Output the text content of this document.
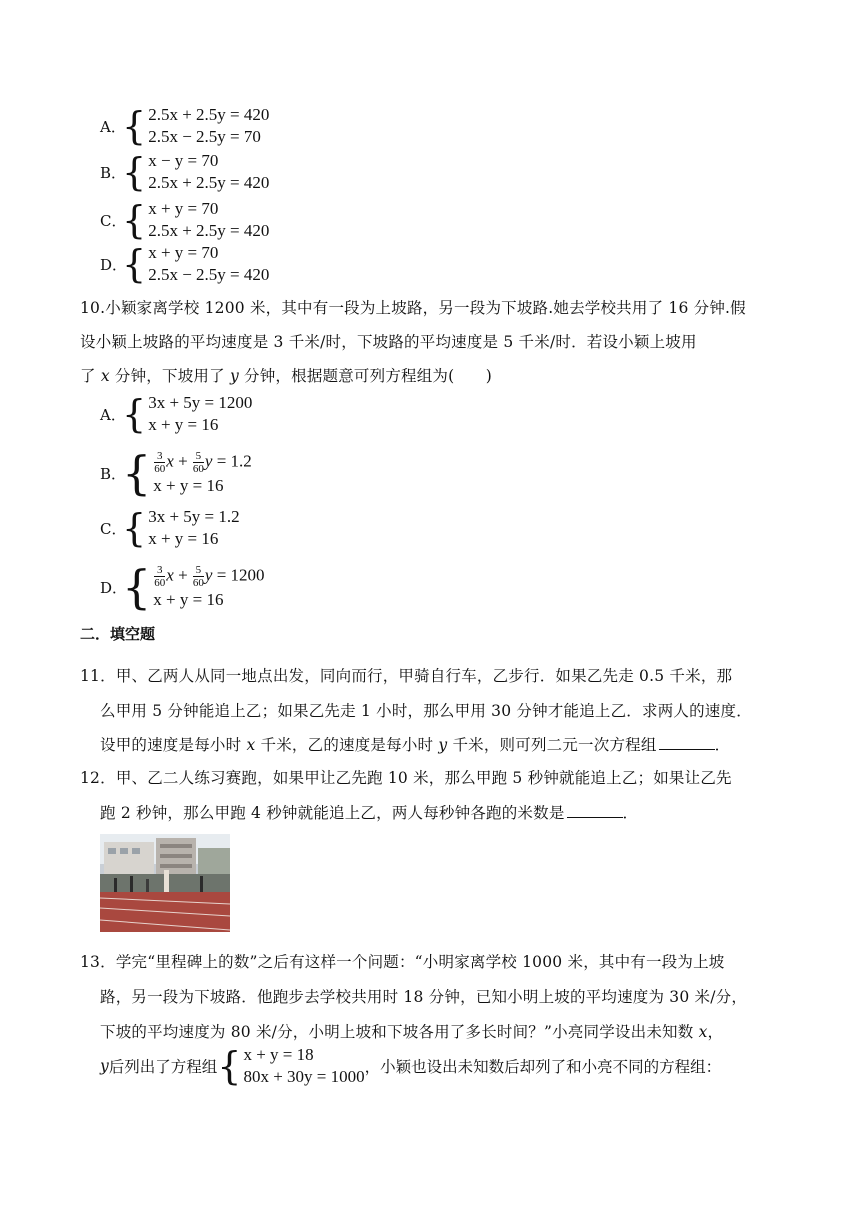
A．
{ 2.5x + 2.5y = 420
2.5x − 2.5y = 70
B．
{ x − y = 70
2.5x + 2.5y = 420
C．
{ x + y = 70
2.5x + 2.5y = 420
D．
{ x + y = 70
2.5x − 2.5y = 420
10.小颖家离学校 1200 米，其中有一段为上坡路，另一段为下坡路.她去学校共用了 16 分钟.假
设小颖上坡路的平均速度是 3 千米/时，下坡路的平均速度是 5 千米/时．若设小颖上坡用
了 x 分钟，下坡用了 y 分钟，根据题意可列方程组为(　　)
A．
{ 3x + 5y = 1200
x + y = 16
B．
{ $\frac{3}{60}$ $x + \frac{5}{60}$ y = 1.2
x + y = 16
C．
{ 3x + 5y = 1.2
x + y = 16
D．
{ $\frac{3}{60}$ $x + \frac{5}{60}$ y = 1200
x + y = 16
二．填空题
11．甲、乙两人从同一地点出发，同向而行，甲骑自行车，乙步行．如果乙先走 0.5 千米，那
么甲用 5 分钟能追上乙；如果乙先走 1 小时，那么甲用 30 分钟才能追上乙．求两人的速度．
设甲的速度是每小时 x 千米，乙的速度是每小时 y 千米，则可列二元一次方程组	．
12．甲、乙二人练习赛跑，如果甲让乙先跑 10 米，那么甲跑 5 秒钟就能追上乙；如果让乙先
跑 2 秒钟，那么甲跑 4 秒钟就能追上乙，两人每秒钟各跑的米数是	．
13．学完“里程碑上的数”之后有这样一个问题：“小明家离学校 1000 米，其中有一段为上坡
路，另一段为下坡路．他跑步去学校共用时 18 分钟，已知小明上坡的平均速度为 30 米/分，
下坡的平均速度为 80 米/分，小明上坡和下坡各用了多长时间？”小亮同学设出未知数 x，
y 后列出了方程组 { x + y = 18
80x + 30y = 1000 ，小颖也设出未知数后却列了和小亮不同的方程组：
